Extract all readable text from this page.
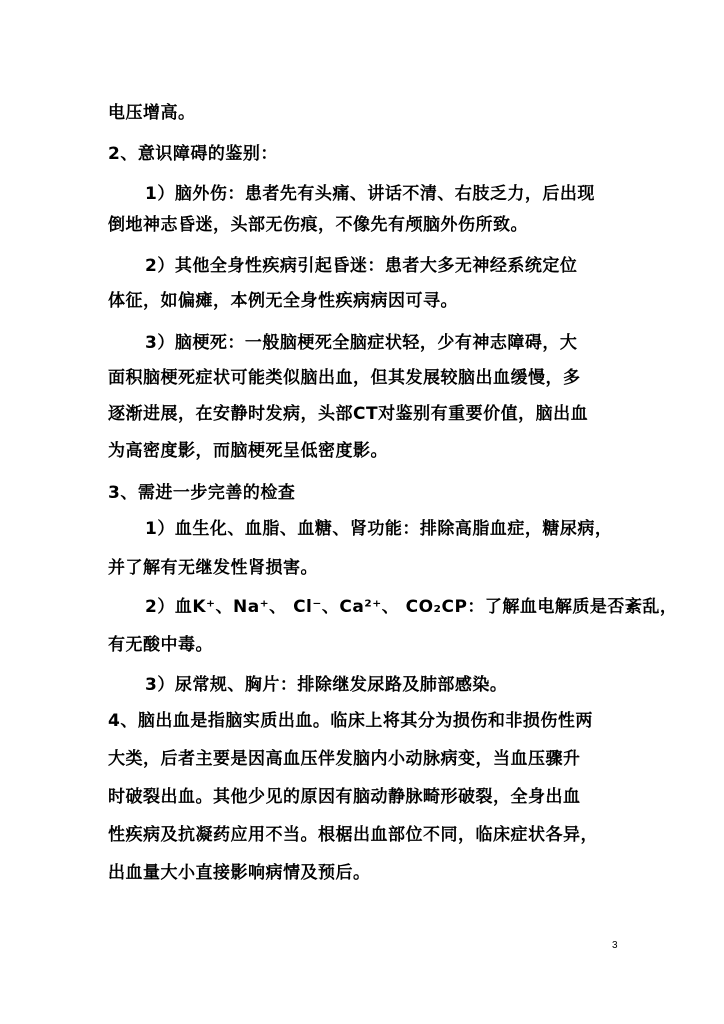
电压增高。
2、意识障碍的鉴别：
1）脑外伤：患者先有头痛、讲话不清、右肢乏力，后出现
倒地神志昏迷，头部无伤痕，不像先有颅脑外伤所致。
2）其他全身性疾病引起昏迷：患者大多无神经系统定位
体征，如偏瘫，本例无全身性疾病病因可寻。
3）脑梗死：一般脑梗死全脑症状轻，少有神志障碍，大
面积脑梗死症状可能类似脑出血，但其发展较脑出血缓慢，多
逐渐进展，在安静时发病，头部CT对鉴别有重要价值，脑出血
为高密度影，而脑梗死呈低密度影。
3、需进一步完善的检查
1）血生化、血脂、血糖、肾功能：排除高脂血症，糖尿病，
并了解有无继发性肾损害。
2）血K⁺、Na⁺、 Cl⁻、Ca²⁺、 CO₂CP：了解血电解质是否紊乱，
有无酸中毒。
3）尿常规、胸片：排除继发尿路及肺部感染。
4、脑出血是指脑实质出血。临床上将其分为损伤和非损伤性两
大类，后者主要是因高血压伴发脑内小动脉病变，当血压骤升
时破裂出血。其他少见的原因有脑动静脉畸形破裂，全身出血
性疾病及抗凝药应用不当。根椐出血部位不同，临床症状各异，
出血量大小直接影响病情及预后。
3
